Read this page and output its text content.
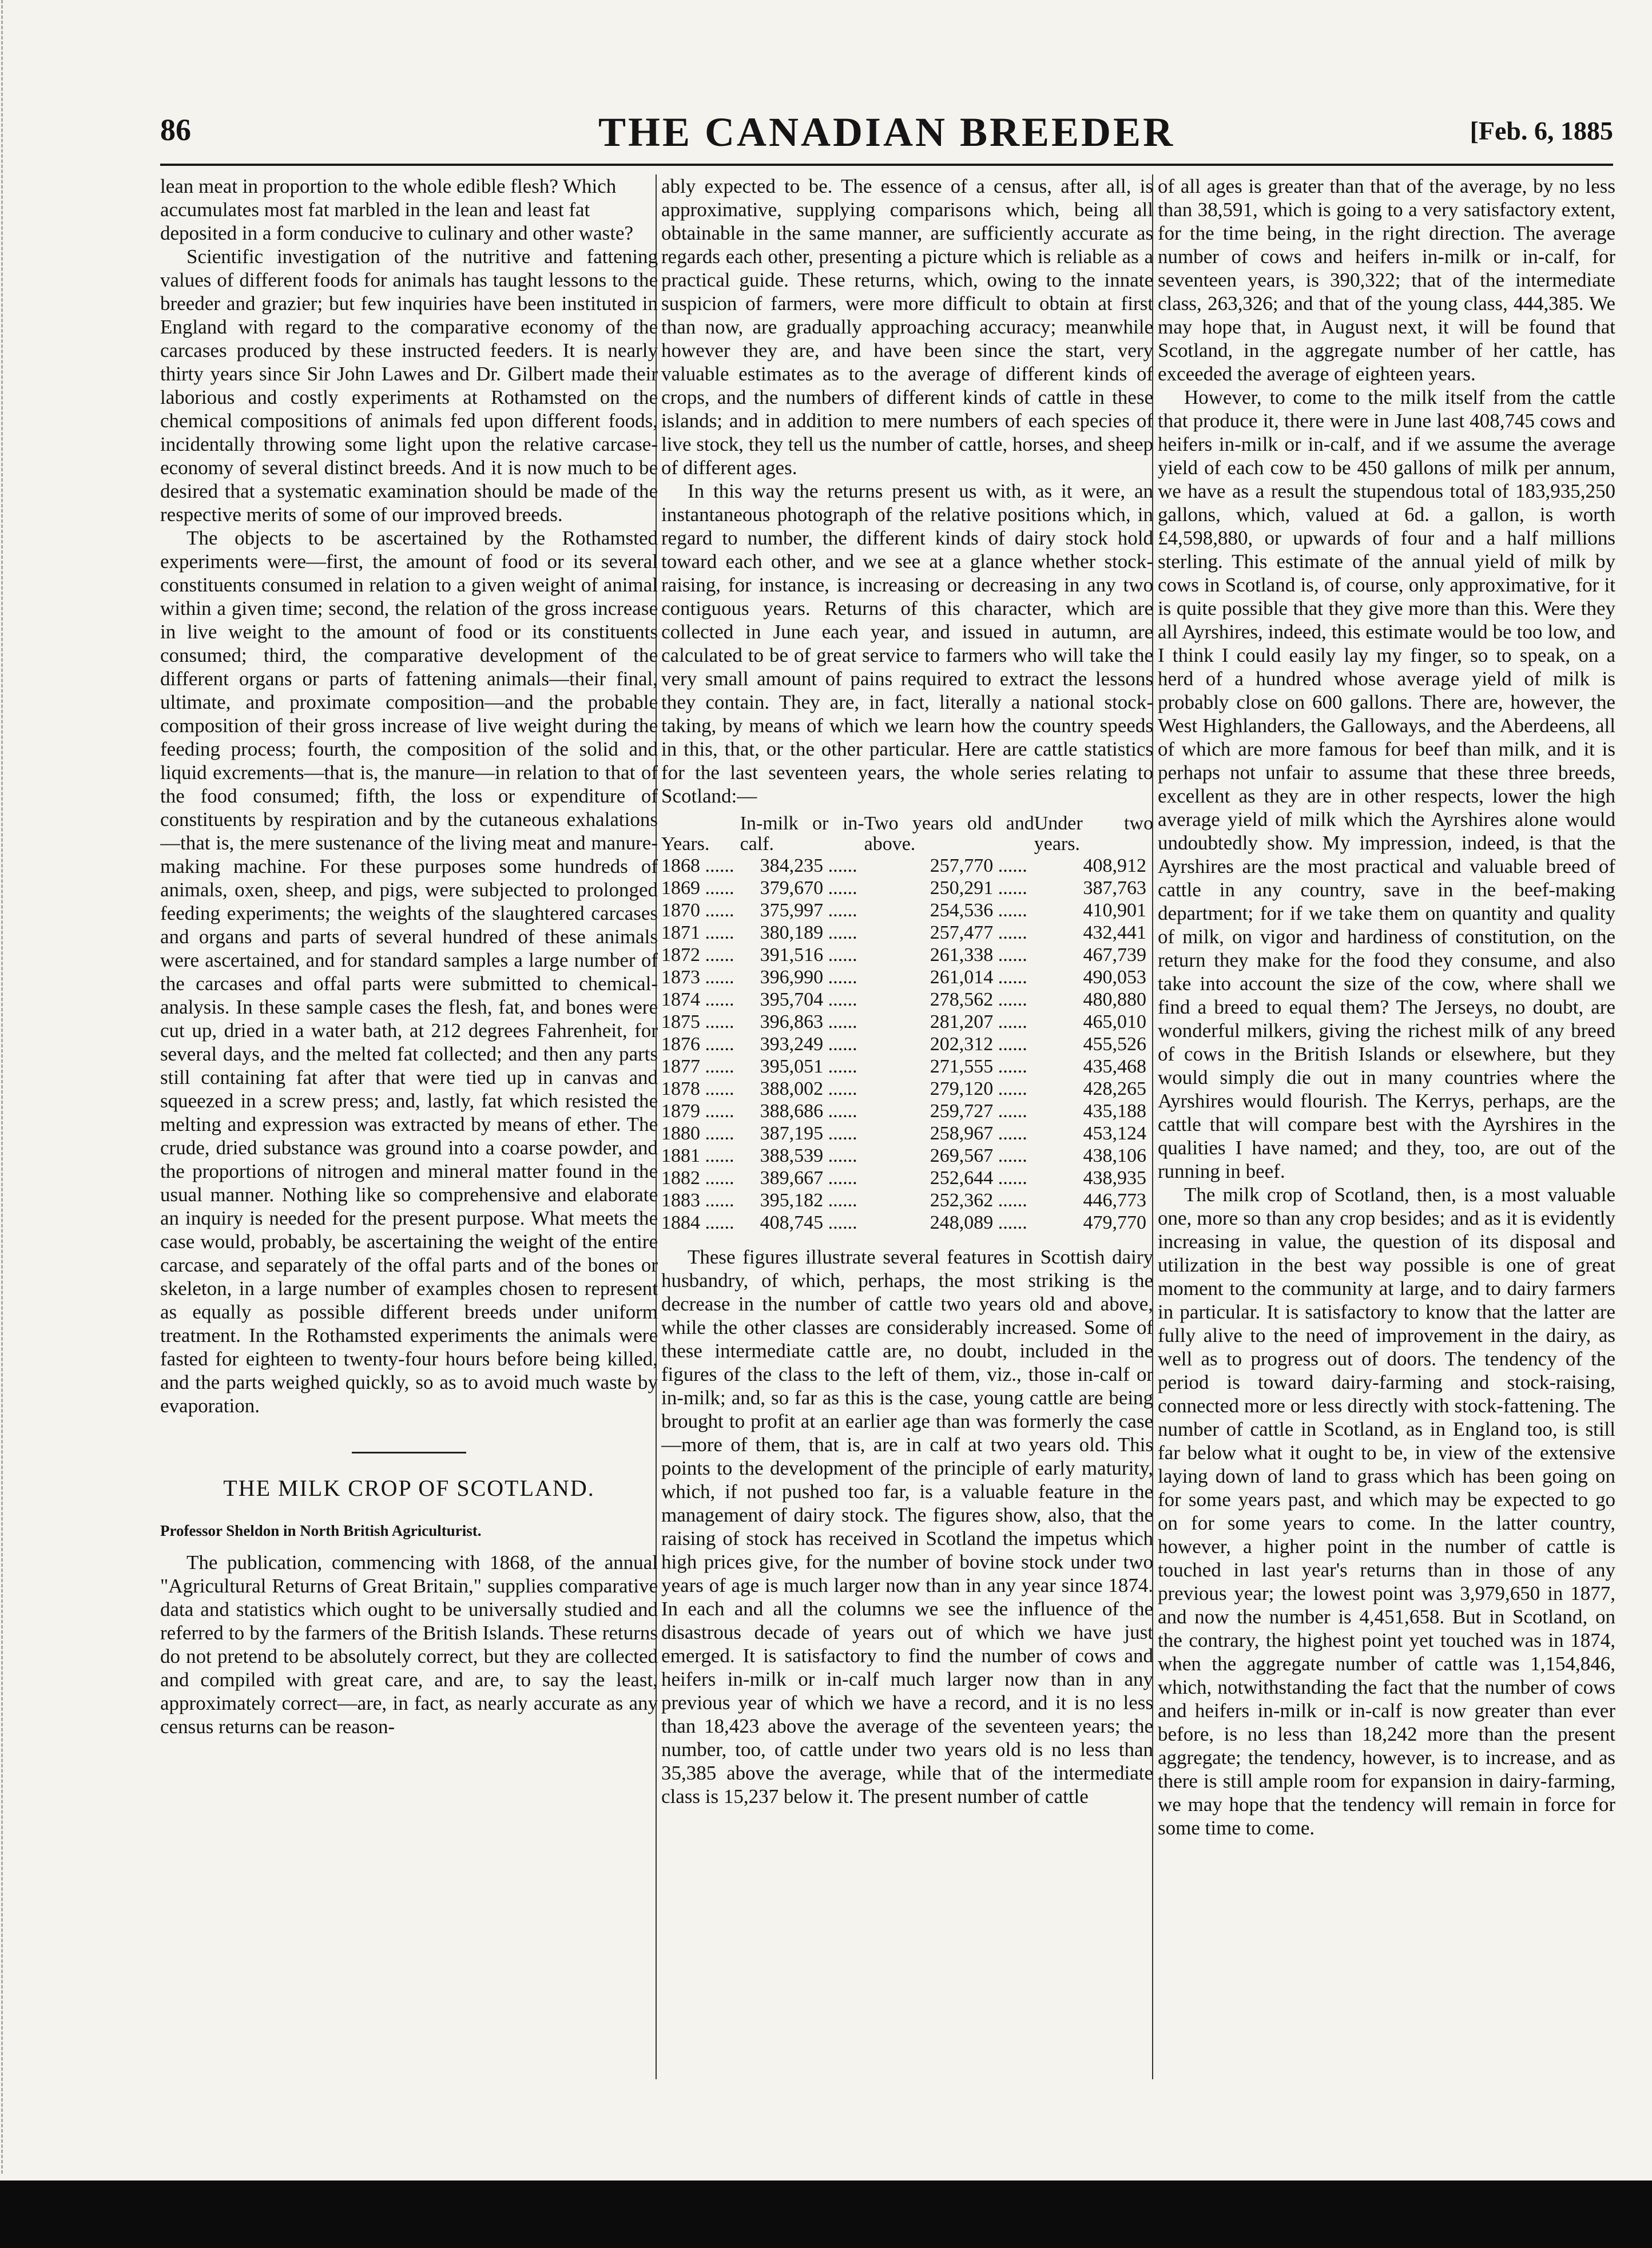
86	THE CANADIAN BREEDER	[Feb. 6, 1885

lean meat in proportion to the whole edible flesh? Which accumulates most fat marbled in the lean and least fat deposited in a form conducive to culinary and other waste?

Scientific investigation of the nutritive and fattening values of different foods for animals has taught lessons to the breeder and grazier; but few inquiries have been instituted in England with regard to the comparative economy of the carcases produced by these instructed feeders. It is nearly thirty years since Sir John Lawes and Dr. Gilbert made their laborious and costly experiments at Rothamsted on the chemical compositions of animals fed upon different foods, incidentally throwing some light upon the relative carcase-economy of several distinct breeds. And it is now much to be desired that a systematic examination should be made of the respective merits of some of our improved breeds.

The objects to be ascertained by the Rothamsted experiments were—first, the amount of food or its several constituents consumed in relation to a given weight of animal within a given time; second, the relation of the gross increase in live weight to the amount of food or its constituents consumed; third, the comparative development of the different organs or parts of fattening animals—their final, ultimate, and proximate composition—and the probable composition of their gross increase of live weight during the feeding process; fourth, the composition of the solid and liquid excrements—that is, the manure—in relation to that of the food consumed; fifth, the loss or expenditure of constituents by respiration and by the cutaneous exhalations—that is, the mere sustenance of the living meat and manure-making machine. For these purposes some hundreds of animals, oxen, sheep, and pigs, were subjected to prolonged feeding experiments; the weights of the slaughtered carcases and organs and parts of several hundred of these animals were ascertained, and for standard samples a large number of the carcases and offal parts were submitted to chemical-analysis. In these sample cases the flesh, fat, and bones were cut up, dried in a water bath, at 212 degrees Fahrenheit, for several days, and the melted fat collected; and then any parts still containing fat after that were tied up in canvas and squeezed in a screw press; and, lastly, fat which resisted the melting and expression was extracted by means of ether. The crude, dried substance was ground into a coarse powder, and the proportions of nitrogen and mineral matter found in the usual manner. Nothing like so comprehensive and elaborate an inquiry is needed for the present purpose. What meets the case would, probably, be ascertaining the weight of the entire carcase, and separately of the offal parts and of the bones or skeleton, in a large number of examples chosen to represent as equally as possible different breeds under uniform treatment. In the Rothamsted experiments the animals were fasted for eighteen to twenty-four hours before being killed, and the parts weighed quickly, so as to avoid much waste by evaporation.

THE MILK CROP OF SCOTLAND.
Professor Sheldon in North British Agriculturist.

The publication, commencing with 1868, of the annual "Agricultural Returns of Great Britain," supplies comparative data and statistics which ought to be universally studied and referred to by the farmers of the British Islands. These returns do not pretend to be absolutely correct, but they are collected and compiled with great care, and are, to say the least, approximately correct—are, in fact, as nearly accurate as any census returns can be reason-

ably expected to be. The essence of a census, after all, is approximative, supplying comparisons which, being all obtainable in the same manner, are sufficiently accurate as regards each other, presenting a picture which is reliable as a practical guide. These returns, which, owing to the innate suspicion of farmers, were more difficult to obtain at first than now, are gradually approaching accuracy; meanwhile however they are, and have been since the start, very valuable estimates as to the average of different kinds of crops, and the numbers of different kinds of cattle in these islands; and in addition to mere numbers of each species of live stock, they tell us the number of cattle, horses, and sheep of different ages.

In this way the returns present us with, as it were, an instantaneous photograph of the relative positions which, in regard to number, the different kinds of dairy stock hold toward each other, and we see at a glance whether stock-raising, for instance, is increasing or decreasing in any two contiguous years. Returns of this character, which are collected in June each year, and issued in autumn, are calculated to be of great service to farmers who will take the very small amount of pains required to extract the lessons they contain. They are, in fact, literally a national stock-taking, by means of which we learn how the country speeds in this, that, or the other particular. Here are cattle statistics for the last seventeen years, the whole series relating to Scotland:—

Years.	In-milk or in-calf.	Two years old and above.	Under two years.
1868 ......	384,235 ......	257,770 ......	408,912
1869 ......	379,670 ......	250,291 ......	387,763
1870 ......	375,997 ......	254,536 ......	410,901
1871 ......	380,189 ......	257,477 ......	432,441
1872 ......	391,516 ......	261,338 ......	467,739
1873 ......	396,990 ......	261,014 ......	490,053
1874 ......	395,704 ......	278,562 ......	480,880
1875 ......	396,863 ......	281,207 ......	465,010
1876 ......	393,249 ......	202,312 ......	455,526
1877 ......	395,051 ......	271,555 ......	435,468
1878 ......	388,002 ......	279,120 ......	428,265
1879 ......	388,686 ......	259,727 ......	435,188
1880 ......	387,195 ......	258,967 ......	453,124
1881 ......	388,539 ......	269,567 ......	438,106
1882 ......	389,667 ......	252,644 ......	438,935
1883 ......	395,182 ......	252,362 ......	446,773
1884 ......	408,745 ......	248,089 ......	479,770

These figures illustrate several features in Scottish dairy husbandry, of which, perhaps, the most striking is the decrease in the number of cattle two years old and above, while the other classes are considerably increased. Some of these intermediate cattle are, no doubt, included in the figures of the class to the left of them, viz., those in-calf or in-milk; and, so far as this is the case, young cattle are being brought to profit at an earlier age than was formerly the case—more of them, that is, are in calf at two years old. This points to the development of the principle of early maturity, which, if not pushed too far, is a valuable feature in the management of dairy stock. The figures show, also, that the raising of stock has received in Scotland the impetus which high prices give, for the number of bovine stock under two years of age is much larger now than in any year since 1874. In each and all the columns we see the influence of the disastrous decade of years out of which we have just emerged. It is satisfactory to find the number of cows and heifers in-milk or in-calf much larger now than in any previous year of which we have a record, and it is no less than 18,423 above the average of the seventeen years; the number, too, of cattle under two years old is no less than 35,385 above the average, while that of the intermediate class is 15,237 below it. The present number of cattle

of all ages is greater than that of the average, by no less than 38,591, which is going to a very satisfactory extent, for the time being, in the right direction. The average number of cows and heifers in-milk or in-calf, for seventeen years, is 390,322; that of the intermediate class, 263,326; and that of the young class, 444,385. We may hope that, in August next, it will be found that Scotland, in the aggregate number of her cattle, has exceeded the average of eighteen years.

However, to come to the milk itself from the cattle that produce it, there were in June last 408,745 cows and heifers in-milk or in-calf, and if we assume the average yield of each cow to be 450 gallons of milk per annum, we have as a result the stupendous total of 183,935,250 gallons, which, valued at 6d. a gallon, is worth £4,598,880, or upwards of four and a half millions sterling. This estimate of the annual yield of milk by cows in Scotland is, of course, only approximative, for it is quite possible that they give more than this. Were they all Ayrshires, indeed, this estimate would be too low, and I think I could easily lay my finger, so to speak, on a herd of a hundred whose average yield of milk is probably close on 600 gallons. There are, however, the West Highlanders, the Galloways, and the Aberdeens, all of which are more famous for beef than milk, and it is perhaps not unfair to assume that these three breeds, excellent as they are in other respects, lower the high average yield of milk which the Ayrshires alone would undoubtedly show. My impression, indeed, is that the Ayrshires are the most practical and valuable breed of cattle in any country, save in the beef-making department; for if we take them on quantity and quality of milk, on vigor and hardiness of constitution, on the return they make for the food they consume, and also take into account the size of the cow, where shall we find a breed to equal them? The Jerseys, no doubt, are wonderful milkers, giving the richest milk of any breed of cows in the British Islands or elsewhere, but they would simply die out in many countries where the Ayrshires would flourish. The Kerrys, perhaps, are the cattle that will compare best with the Ayrshires in the qualities I have named; and they, too, are out of the running in beef.

The milk crop of Scotland, then, is a most valuable one, more so than any crop besides; and as it is evidently increasing in value, the question of its disposal and utilization in the best way possible is one of great moment to the community at large, and to dairy farmers in particular. It is satisfactory to know that the latter are fully alive to the need of improvement in the dairy, as well as to progress out of doors. The tendency of the period is toward dairy-farming and stock-raising, connected more or less directly with stock-fattening. The number of cattle in Scotland, as in England too, is still far below what it ought to be, in view of the extensive laying down of land to grass which has been going on for some years past, and which may be expected to go on for some years to come. In the latter country, however, a higher point in the number of cattle is touched in last year's returns than in those of any previous year; the lowest point was 3,979,650 in 1877, and now the number is 4,451,658. But in Scotland, on the contrary, the highest point yet touched was in 1874, when the aggregate number of cattle was 1,154,846, which, notwithstanding the fact that the number of cows and heifers in-milk or in-calf is now greater than ever before, is no less than 18,242 more than the present aggregate; the tendency, however, is to increase, and as there is still ample room for expansion in dairy-farming, we may hope that the tendency will remain in force for some time to come.
